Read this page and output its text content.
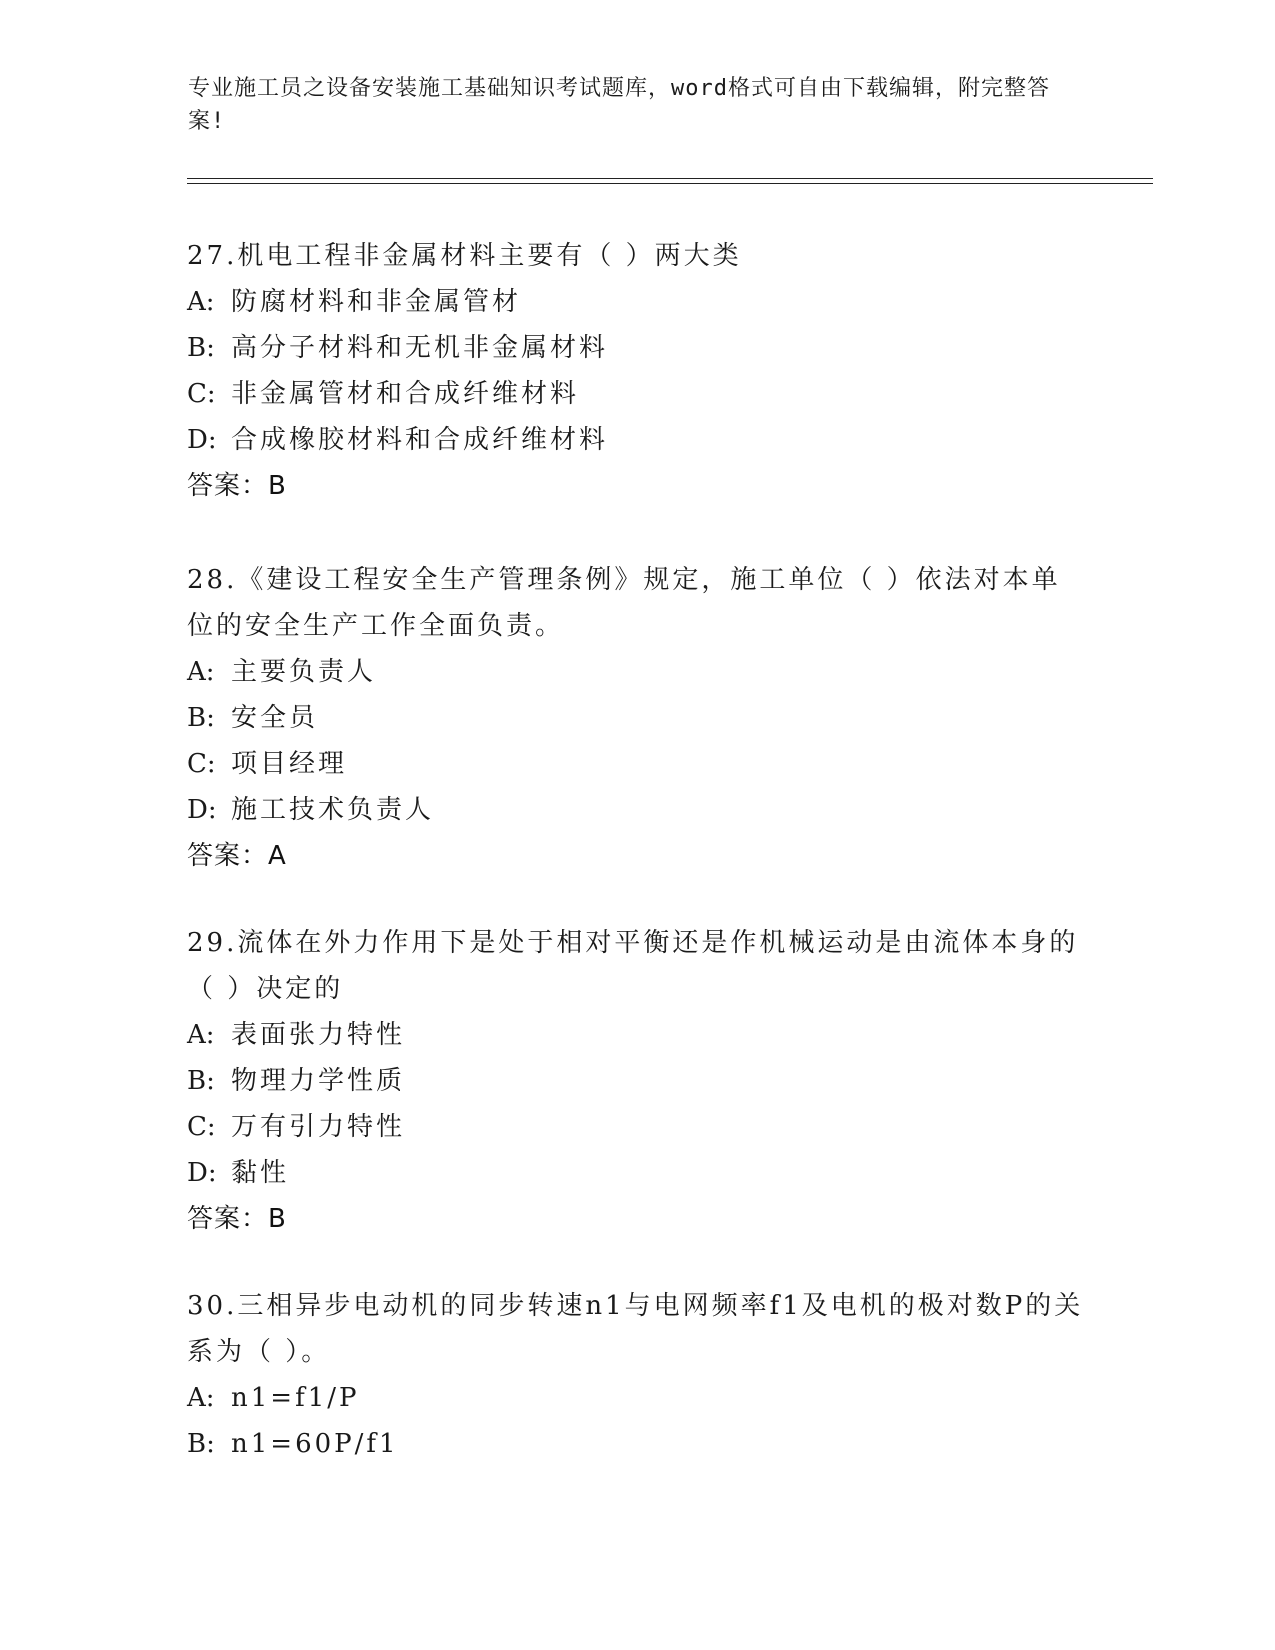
专业施工员之设备安装施工基础知识考试题库，word格式可自由下载编辑，附完整答案!

27.机电工程非金属材料主要有（ ）两大类

A: 防腐材料和非金属管材

B: 高分子材料和无机非金属材料

C: 非金属管材和合成纤维材料

D: 合成橡胶材料和合成纤维材料

答案：B

28.《建设工程安全生产管理条例》规定，施工单位（ ）依法对本单位的安全生产工作全面负责。

A: 主要负责人

B: 安全员

C: 项目经理

D: 施工技术负责人

答案：A

29.流体在外力作用下是处于相对平衡还是作机械运动是由流体本身的（ ）决定的

A: 表面张力特性

B: 物理力学性质

C: 万有引力特性

D: 黏性

答案：B

30.三相异步电动机的同步转速n1与电网频率f1及电机的极对数P的关系为（ ）。

A: n1=f1/P

B: n1=60P/f1
